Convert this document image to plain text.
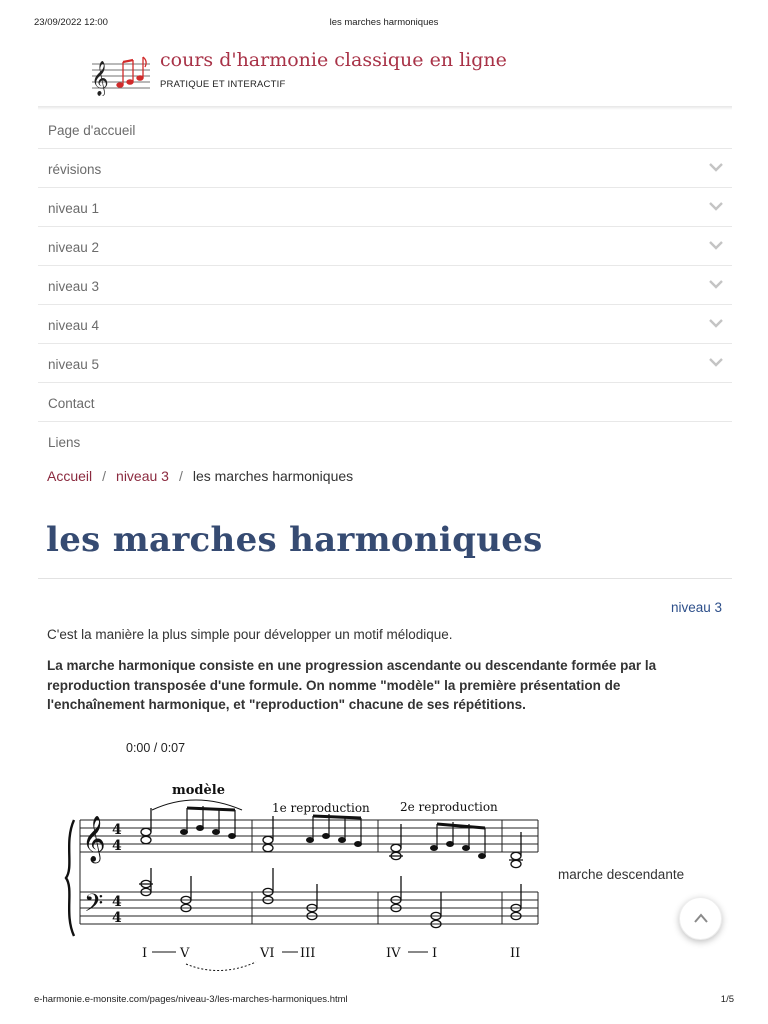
23/09/2022 12:00	les marches harmoniques
𝄞
cours d'harmonie classique en ligne
PRATIQUE ET INTERACTIF
Page d'accueil
révisions
niveau 1
niveau 2
niveau 3
niveau 4
niveau 5
Contact
Liens
Accueil / niveau 3 / les marches harmoniques
les marches harmoniques
niveau 3

C'est la manière la plus simple pour développer un motif mélodique.

La marche harmonique consiste en une progression ascendante ou descendante formée par la reproduction transposée d'une formule. On nomme "modèle" la première présentation de l'enchaînement harmonique, et "reproduction" chacune de ses répétitions.

0:00 / 0:07
modèle
1e reproduction	2e reproduction
𝄞
𝄢
4
4
4
4
I	V	VI III	IV I	II
marche descendante
e-harmonie.e-monsite.com/pages/niveau-3/les-marches-harmoniques.html	1/5
